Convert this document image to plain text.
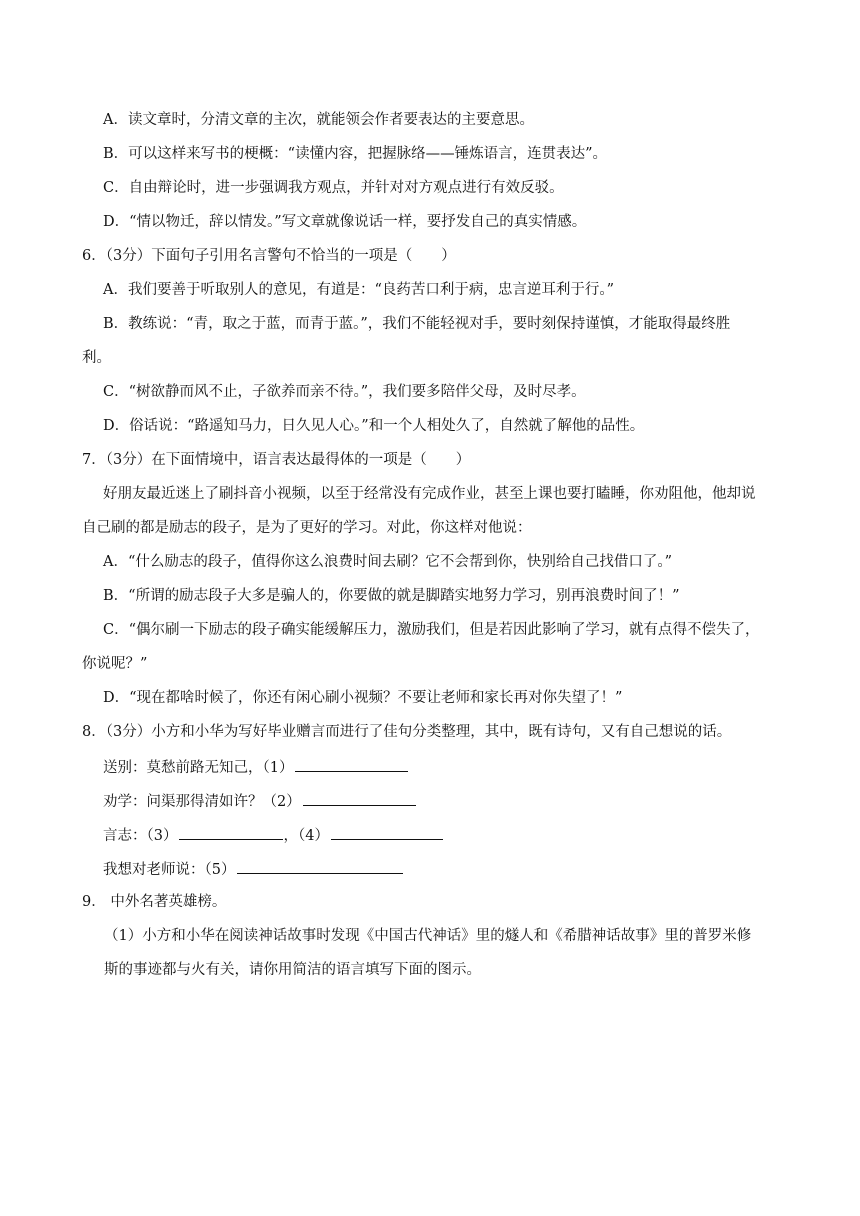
A．读文章时，分清文章的主次，就能领会作者要表达的主要意思。
B．可以这样来写书的梗概：“读懂内容，把握脉络——锤炼语言，连贯表达”。
C．自由辩论时，进一步强调我方观点，并针对对方观点进行有效反驳。
D．“情以物迁，辞以情发。”写文章就像说话一样，要抒发自己的真实情感。
6．（3分）下面句子引用名言警句不恰当的一项是（　　）
A．我们要善于听取别人的意见，有道是：“良药苦口利于病，忠言逆耳利于行。”
B．教练说：“青，取之于蓝，而青于蓝。”，我们不能轻视对手，要时刻保持谨慎，才能取得最终胜
利。
C．“树欲静而风不止，子欲养而亲不待。”，我们要多陪伴父母，及时尽孝。
D．俗话说：“路遥知马力，日久见人心。”和一个人相处久了，自然就了解他的品性。
7．（3分）在下面情境中，语言表达最得体的一项是（　　）
好朋友最近迷上了刷抖音小视频，以至于经常没有完成作业，甚至上课也要打瞌睡，你劝阻他，他却说
自己刷的都是励志的段子，是为了更好的学习。对此，你这样对他说：
A．“什么励志的段子，值得你这么浪费时间去刷？它不会帮到你，快别给自己找借口了。”
B．“所谓的励志段子大多是骗人的，你要做的就是脚踏实地努力学习，别再浪费时间了！”
C．“偶尔刷一下励志的段子确实能缓解压力，激励我们，但是若因此影响了学习，就有点得不偿失了，
你说呢？”
D．“现在都啥时候了，你还有闲心刷小视频？不要让老师和家长再对你失望了！”
8．（3分）小方和小华为写好毕业赠言而进行了佳句分类整理，其中，既有诗句，又有自己想说的话。
送别：莫愁前路无知己，（1）
劝学：问渠那得清如许？（2）
言志：（3）	，（4）
我想对老师说：（5）
9． 中外名著英雄榜。
（1）小方和小华在阅读神话故事时发现《中国古代神话》里的燧人和《希腊神话故事》里的普罗米修
斯的事迹都与火有关，请你用简洁的语言填写下面的图示。
